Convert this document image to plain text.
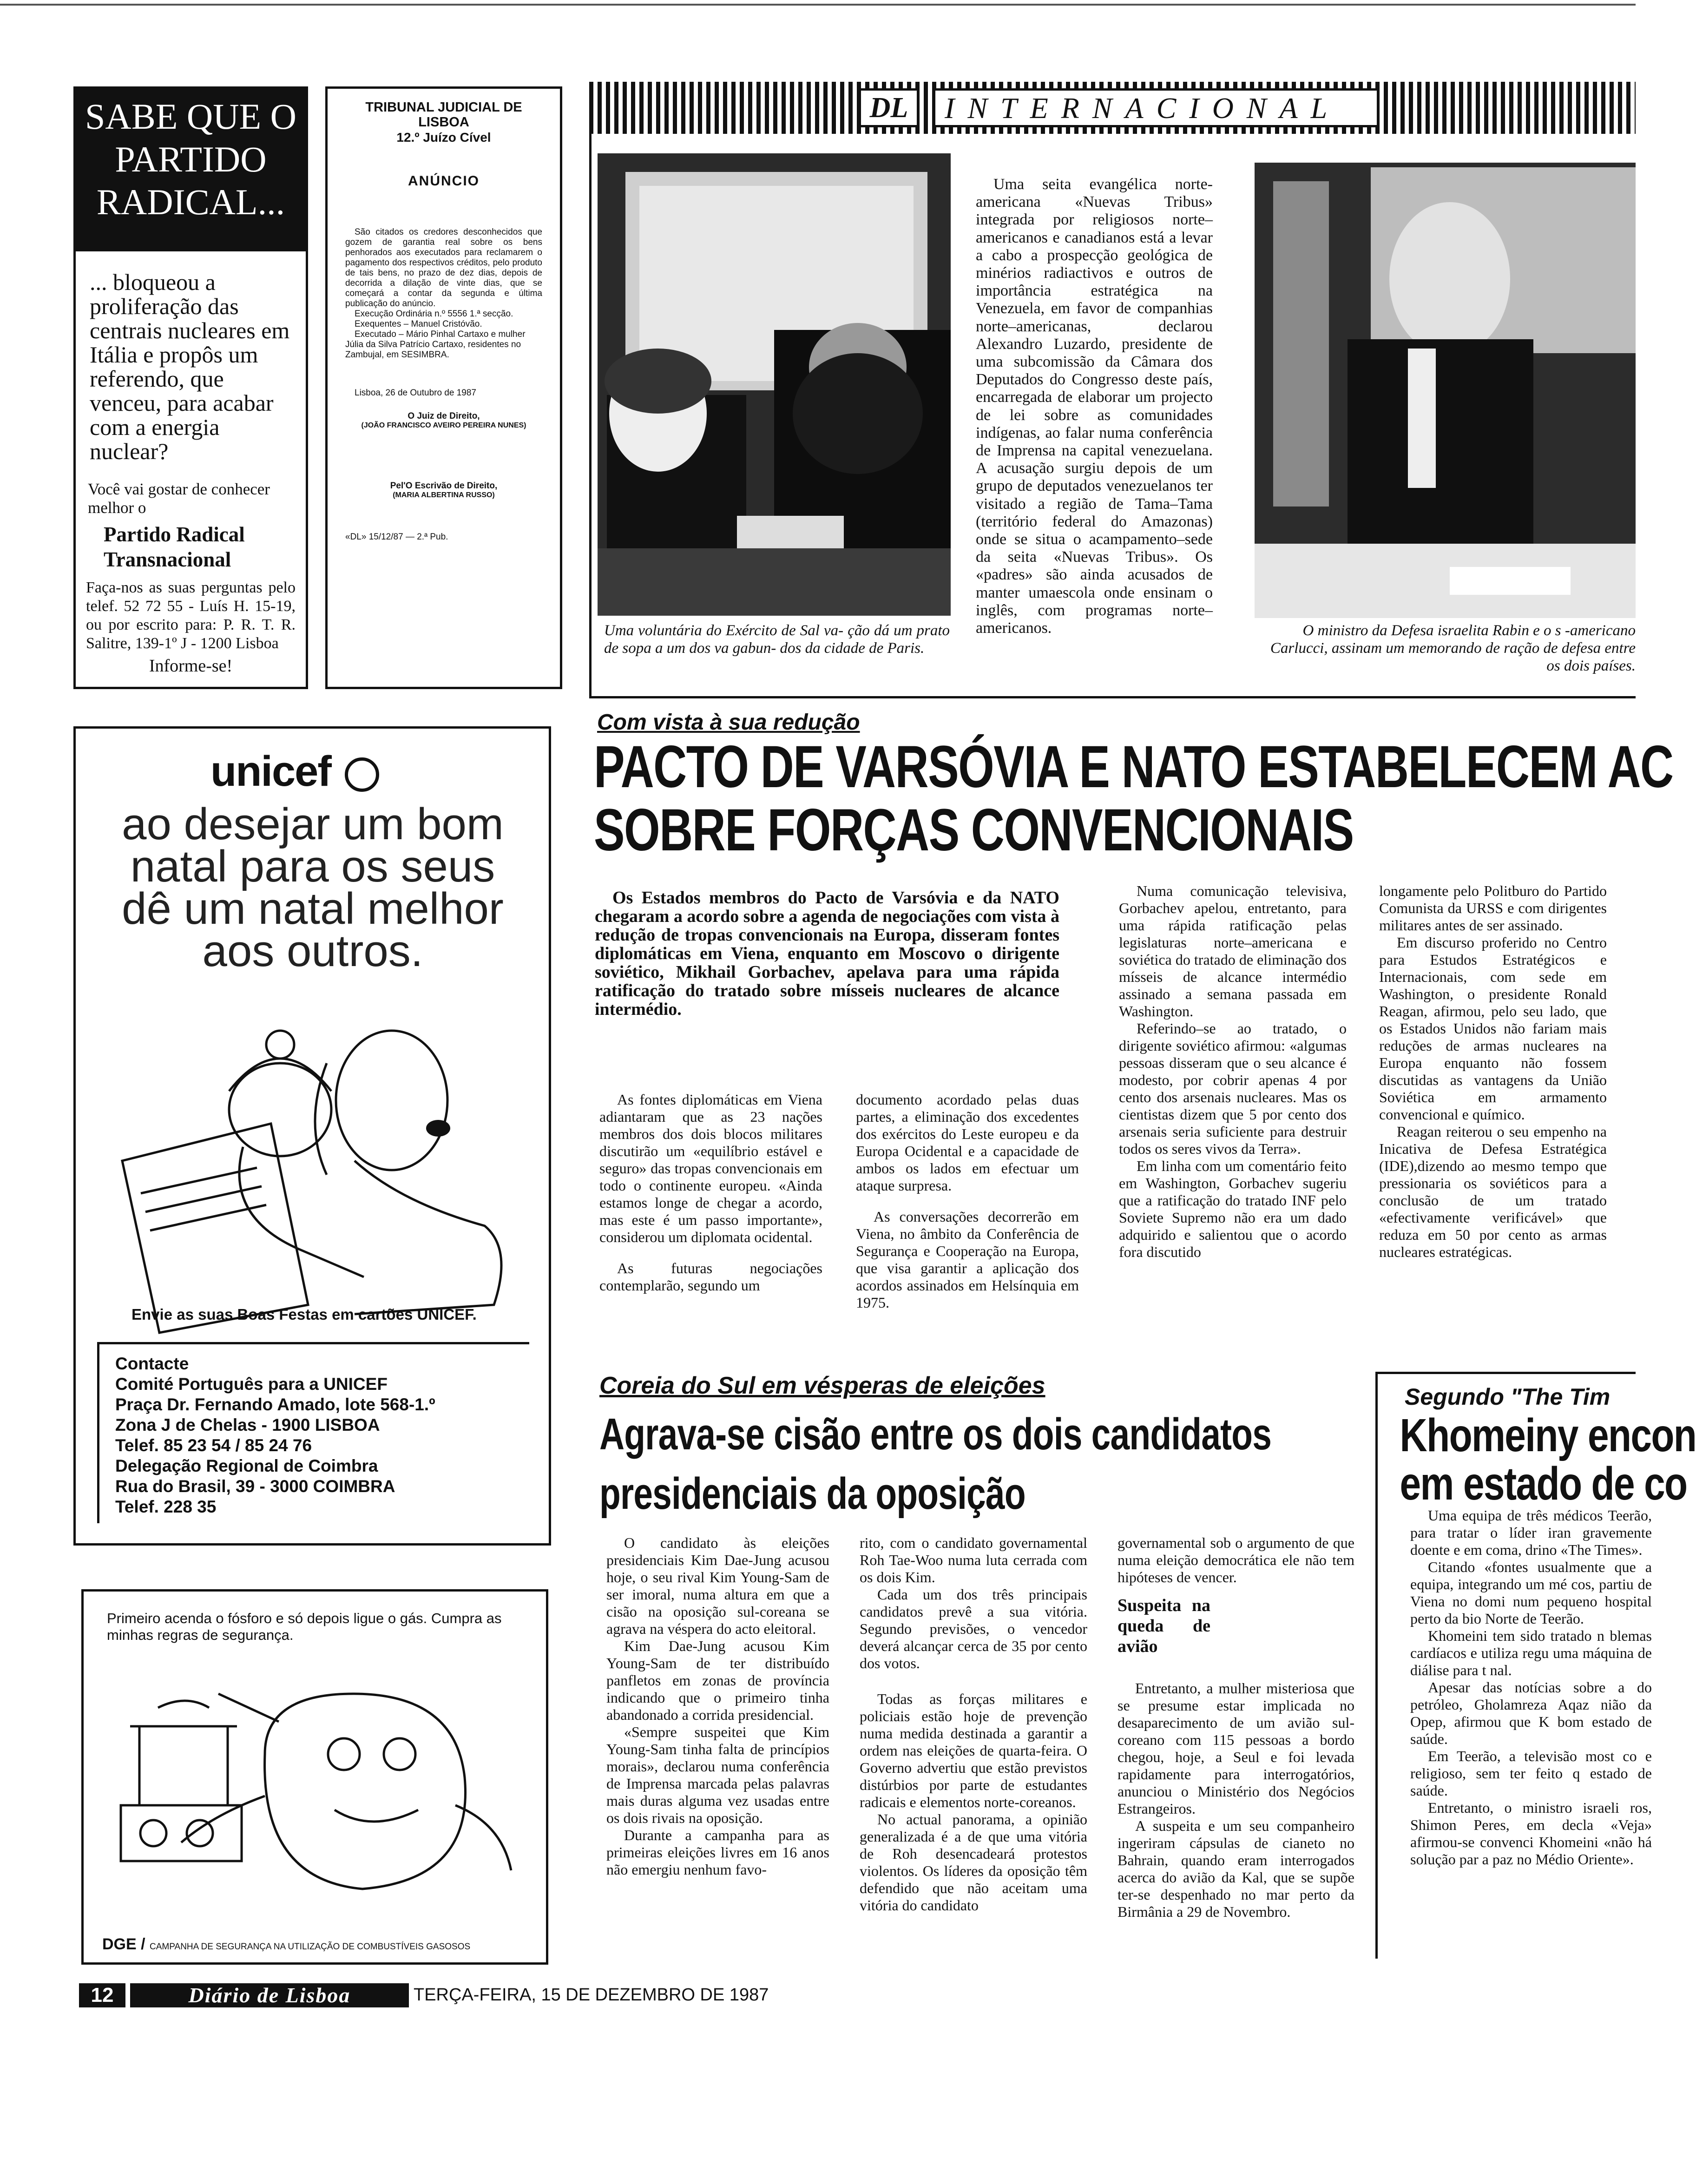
SABE QUE O PARTIDO RADICAL...
... bloqueou a proliferação das centrais nucleares em Itália e propôs um referendo, que venceu, para acabar com a energia nuclear?
Você vai gostar de conhecer melhor o
Partido Radical Transnacional
Faça-nos as suas perguntas pelo telef. 52 72 55 - Luís H. 15-19, ou por escrito para: P. R. T. R. Salitre, 139-1º J - 1200 Lisboa
Informe-se!
TRIBUNAL JUDICIAL DE LISBOA
12.º Juízo Cível
ANÚNCIO
São citados os credores desconhecidos que gozem de garantia real sobre os bens penhorados aos executados para reclamarem o pagamento dos respectivos créditos, pelo produto de tais bens, no prazo de dez dias, depois de decorrida a dilação de vinte dias, que se começará a contar da segunda e última publicação do anúncio.
Execução Ordinária n.º 5556 1.ª secção.
Exequentes – Manuel Cristóvão.
Executado – Mário Pinhal Cartaxo e mulher Júlia da Silva Patrício Cartaxo, residentes no Zambujal, em SESIMBRA.
Lisboa, 26 de Outubro de 1987
O Juiz de Direito,
(JOÃO FRANCISCO AVEIRO PEREIRA NUNES)
Pel'O Escrivão de Direito,
(MARIA ALBERTINA RUSSO)
«DL» 15/12/87 — 2.ª Pub.
DL	INTERNACIONAL
Uma voluntária do Exército de Sal va- ção dá um prato de sopa a um dos va gabun- dos da cidade de Paris.

Uma seita evangélica norte-americana «Nuevas Tribus» integrada por religiosos norte–americanos e canadianos está a levar a cabo a prospecção geológica de minérios radiactivos e outros de importância estratégica na Venezuela, em favor de companhias norte–americanas, declarou Alexandro Luzardo, presidente de uma subcomissão da Câmara dos Deputados do Congresso deste país, encarregada de elaborar um projecto de lei sobre as comunidades indígenas, ao falar numa conferência de Imprensa na capital venezuelana. A acusação surgiu depois de um grupo de deputados venezuelanos ter visitado a região de Tama–Tama (território federal do Amazonas) onde se situa o acampamento–sede da seita «Nuevas Tribus». Os «padres» são ainda acusados de manter umaescola onde ensinam o inglês, com programas norte–americanos.	O ministro da Defesa israelita Rabin e o s -americano Carlucci, assinam um memorando de ração de defesa entre os dois países.
unicef
ao desejar um bom natal para os seus dê um natal melhor aos outros.
Envie as suas Boas Festas em cartões UNICEF.
Contacte
Comité Português para a UNICEF
Praça Dr. Fernando Amado, lote 568-1.º
Zona J de Chelas - 1900 LISBOA
Telef. 85 23 54 / 85 24 76
Delegação Regional de Coimbra
Rua do Brasil, 39 - 3000 COIMBRA
Telef. 228 35
Primeiro acenda o fósforo e só depois ligue o gás. Cumpra as minhas regras de segurança.
DGE / CAMPANHA DE SEGURANÇA NA UTILIZAÇÃO DE COMBUSTÍVEIS GASOSOS
Com vista à sua redução
PACTO DE VARSÓVIA E NATO ESTABELECEM AC
SOBRE FORÇAS CONVENCIONAIS

Os Estados membros do Pacto de Varsóvia e da NATO chegaram a acordo sobre a agenda de negociações com vista à redução de tropas convencionais na Europa, disseram fontes diplomáticas em Viena, enquanto em Moscovo o dirigente soviético, Mikhail Gorbachev, apelava para uma rápida ratificação do tratado sobre mísseis nucleares de alcance intermédio.

As fontes diplomáticas em Viena adiantaram que as 23 nações membros dos dois blocos militares discutirão um «equilíbrio estável e seguro» das tropas convencionais em todo o continente europeu. «Ainda estamos longe de chegar a acordo, mas este é um passo importante», considerou um diplomata ocidental.

As futuras negociações contemplarão, segundo um

documento acordado pelas duas partes, a eliminação dos excedentes dos exércitos do Leste europeu e da Europa Ocidental e a capacidade de ambos os lados em efectuar um ataque surpresa.

As conversações decorrerão em Viena, no âmbito da Conferência de Segurança e Cooperação na Europa, que visa garantir a aplicação dos acordos assinados em Helsínquia em 1975.

Numa comunicação televisiva, Gorbachev apelou, entretanto, para uma rápida ratificação pelas legislaturas norte–americana e soviética do tratado de eliminação dos mísseis de alcance intermédio assinado a semana passada em Washington.

Referindo–se ao tratado, o dirigente soviético afirmou: «algumas pessoas disseram que o seu alcance é modesto, por cobrir apenas 4 por cento dos arsenais nucleares. Mas os cientistas dizem que 5 por cento dos arsenais seria suficiente para destruir todos os seres vivos da Terra».

Em linha com um comentário feito em Washington, Gorbachev sugeriu que a ratificação do tratado INF pelo Soviete Supremo não era um dado adquirido e salientou que o acordo fora discutido

longamente pelo Politburo do Partido Comunista da URSS e com dirigentes militares antes de ser assinado.

Em discurso proferido no Centro para Estudos Estratégicos e Internacionais, com sede em Washington, o presidente Ronald Reagan, afirmou, pelo seu lado, que os Estados Unidos não fariam mais reduções de armas nucleares na Europa enquanto não fossem discutidas as vantagens da União Soviética em armamento convencional e químico.

Reagan reiterou o seu empenho na Inicativa de Defesa Estratégica (IDE),dizendo ao mesmo tempo que pressionaria os soviéticos para a conclusão de um tratado «efectivamente verificável» que reduza em 50 por cento as armas nucleares estratégicas.

Coreia do Sul em vésperas de eleições
Agrava-se cisão entre os dois candidatos
presidenciais da oposição

O candidato às eleições presidenciais Kim Dae-Jung acusou hoje, o seu rival Kim Young-Sam de ser imoral, numa altura em que a cisão na oposição sul-coreana se agrava na véspera do acto eleitoral.

Kim Dae-Jung acusou Kim Young-Sam de ter distribuído panfletos em zonas de província indicando que o primeiro tinha abandonado a corrida presidencial.

«Sempre suspeitei que Kim Young-Sam tinha falta de princípios morais», declarou numa conferência de Imprensa marcada pelas palavras mais duras alguma vez usadas entre os dois rivais na oposição.

Durante a campanha para as primeiras eleições livres em 16 anos não emergiu nenhum favo-

rito, com o candidato governamental Roh Tae-Woo numa luta cerrada com os dois Kim.

Cada um dos três principais candidatos prevê a sua vitória. Segundo previsões, o vencedor deverá alcançar cerca de 35 por cento dos votos.

Todas as forças militares e policiais estão hoje de prevenção numa medida destinada a garantir a ordem nas eleições de quarta-feira. O Governo advertiu que estão previstos distúrbios por parte de estudantes radicais e elementos norte-coreanos.

No actual panorama, a opinião generalizada é a de que uma vitória de Roh desencadeará protestos violentos. Os líderes da oposição têm defendido que não aceitam uma vitória do candidato

governamental sob o argumento de que numa eleição democrática ele não tem hipóteses de vencer.

Suspeita na queda de avião

Entretanto, a mulher misteriosa que se presume estar implicada no desaparecimento de um avião sul-coreano com 115 pessoas a bordo chegou, hoje, a Seul e foi levada rapidamente para interrogatórios, anunciou o Ministério dos Negócios Estrangeiros.

A suspeita e um seu companheiro ingeriram cápsulas de cianeto no Bahrain, quando eram interrogados acerca do avião da Kal, que se supõe ter-se despenhado no mar perto da Birmânia a 29 de Novembro.

Segundo "The Tim
Khomeiny encon
em estado de co

Uma equipa de três médicos Teerão, para tratar o líder iran gravemente doente e em coma, drino «The Times».

Citando «fontes usualmente que a equipa, integrando um mé cos, partiu de Viena no domi num pequeno hospital perto da bio Norte de Teerão.

Khomeini tem sido tratado n blemas cardíacos e utiliza regu uma máquina de diálise para t nal.

Apesar das notícias sobre a do petróleo, Gholamreza Aqaz nião da Opep, afirmou que K bom estado de saúde.

Em Teerão, a televisão most co e religioso, sem ter feito q estado de saúde.

Entretanto, o ministro israeli ros, Shimon Peres, em decla «Veja» afirmou-se convenci Khomeini «não há solução par a paz no Médio Oriente».

12	Diário de Lisboa	TERÇA-FEIRA, 15 DE DEZEMBRO DE 1987
